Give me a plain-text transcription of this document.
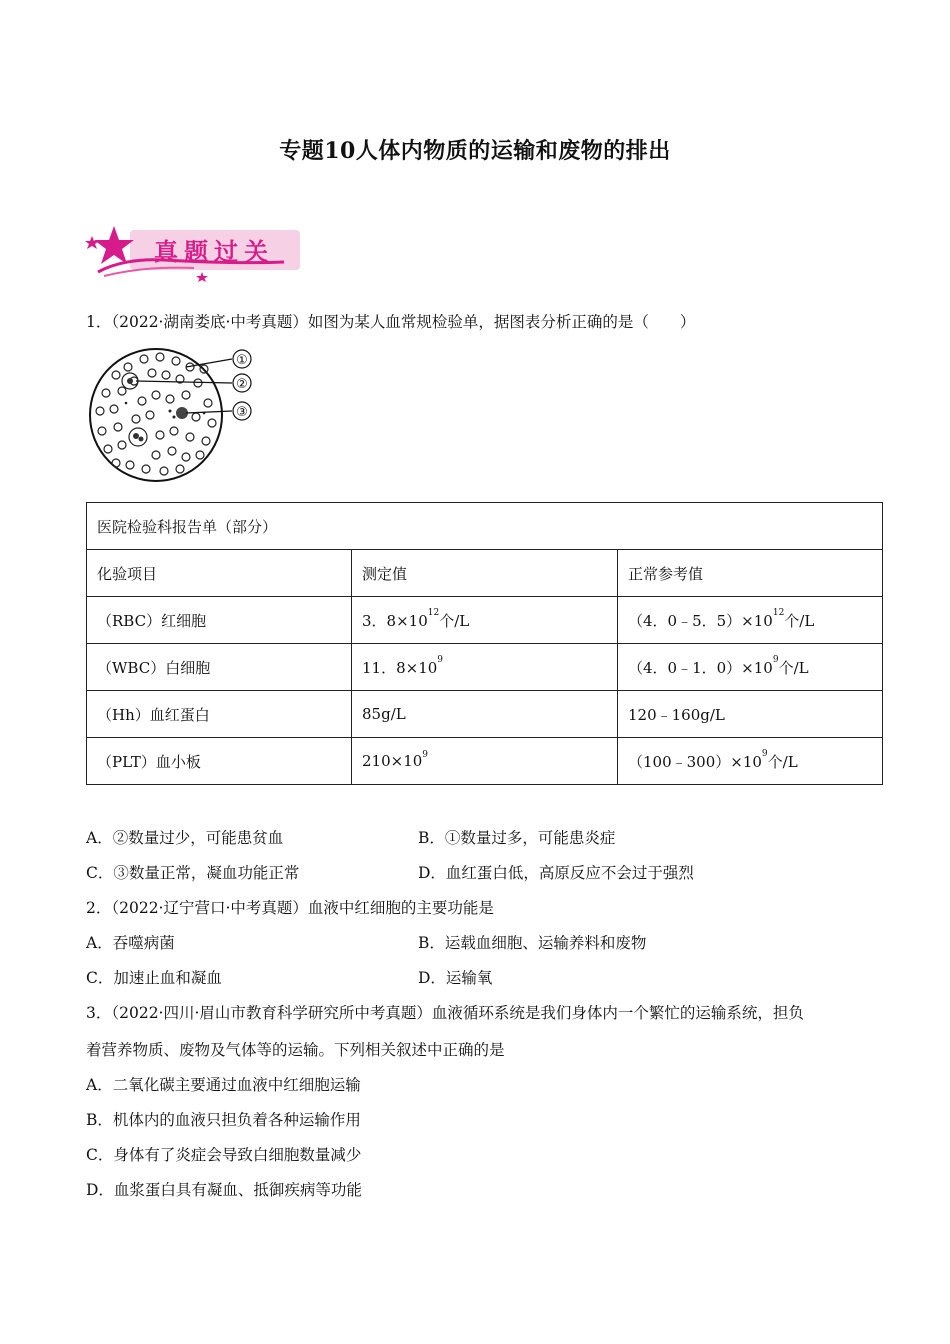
专题10人体内物质的运输和废物的排出
真题过关
1．（2022·湖南娄底·中考真题）如图为某人血常规检验单，据图表分析正确的是（　　）
①
②
③
医院检验科报告单（部分）		
化验项目	测定值	正常参考值
（RBC）红细胞	3．$8\times 10^{12}$个/L	（4．0﹣5．$5)\times 10^{12}$个/L
（WBC）白细胞	11．$8\times 10^9$	（4．0﹣1．$0)\times 10^9$个/L
（Hh）血红蛋白	85g/L	120﹣160g/L
（PLT）血小板	$210\times 10^9$	$(100﹣300)\times 10^9$个/L
A．②数量过少，可能患贫血	B．①数量过多，可能患炎症
C．③数量正常，凝血功能正常	D．血红蛋白低，高原反应不会过于强烈
2．（2022·辽宁营口·中考真题）血液中红细胞的主要功能是
A．吞噬病菌	B．运载血细胞、运输养料和废物
C．加速止血和凝血	D．运输氧
3．（2022·四川·眉山市教育科学研究所中考真题）血液循环系统是我们身体内一个繁忙的运输系统，担负
着营养物质、废物及气体等的运输。下列相关叙述中正确的是
A．二氧化碳主要通过血液中红细胞运输
B．机体内的血液只担负着各种运输作用
C．身体有了炎症会导致白细胞数量减少
D．血浆蛋白具有凝血、抵御疾病等功能
